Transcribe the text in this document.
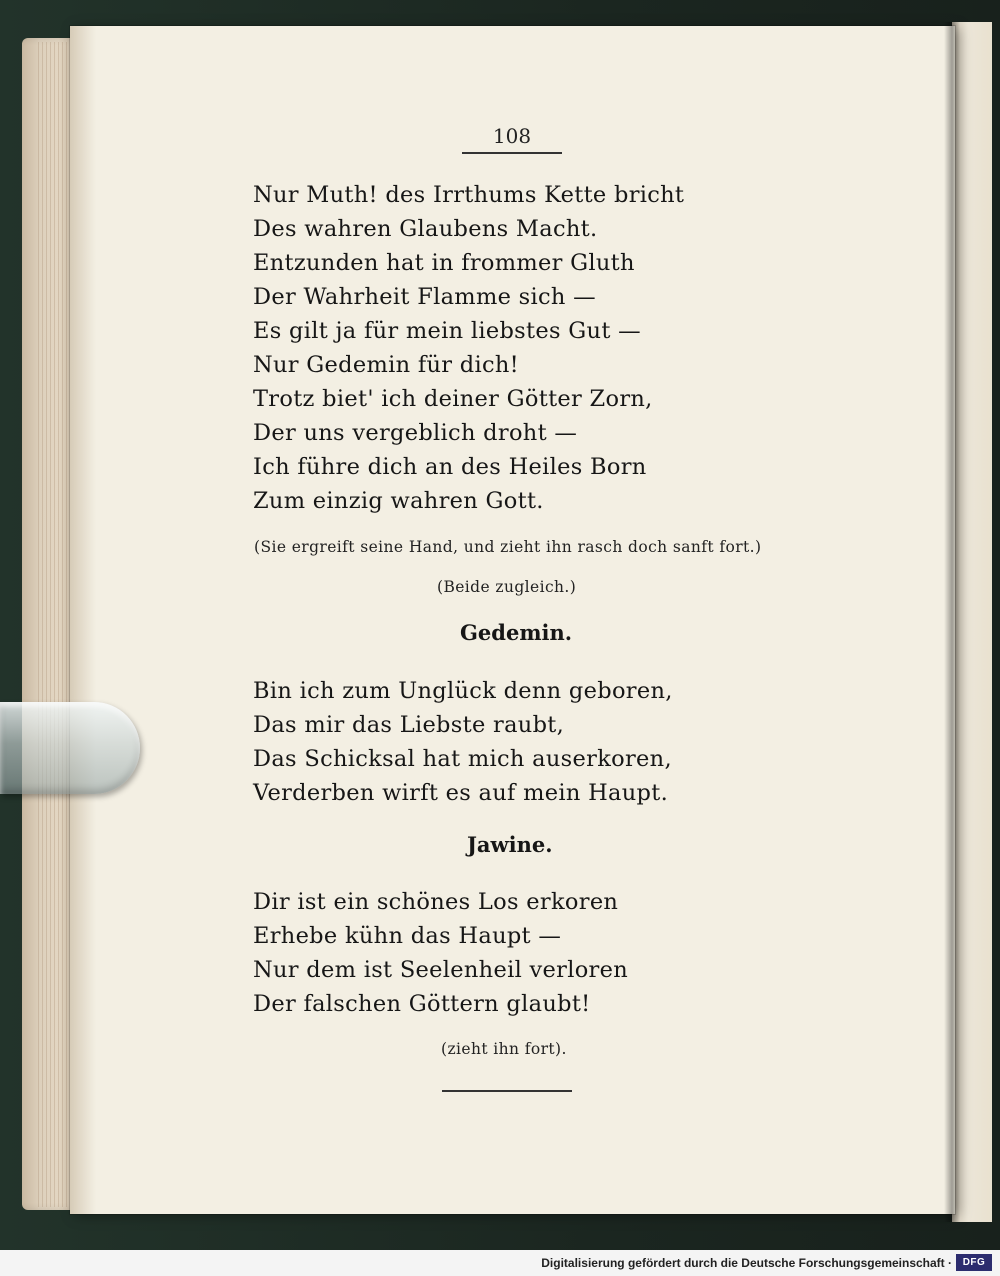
108
Nur Muth! des Irrthums Kette bricht
Des wahren Glaubens Macht.
Entzunden hat in frommer Gluth
Der Wahrheit Flamme sich —
Es gilt ja für mein liebstes Gut —
Nur Gedemin für dich!
Trotz biet' ich deiner Götter Zorn,
Der uns vergeblich droht —
Ich führe dich an des Heiles Born
Zum einzig wahren Gott.
(Sie ergreift seine Hand, und zieht ihn rasch doch sanft fort.)
(Beide zugleich.)
Gedemin.
Bin ich zum Unglück denn geboren,
Das mir das Liebste raubt,
Das Schicksal hat mich auserkoren,
Verderben wirft es auf mein Haupt.
Jawine.
Dir ist ein schönes Los erkoren
Erhebe kühn das Haupt —
Nur dem ist Seelenheil verloren
Der falschen Göttern glaubt!
(zieht ihn fort).
Digitalisierung gefördert durch die Deutsche Forschungsgemeinschaft ·	DFG
